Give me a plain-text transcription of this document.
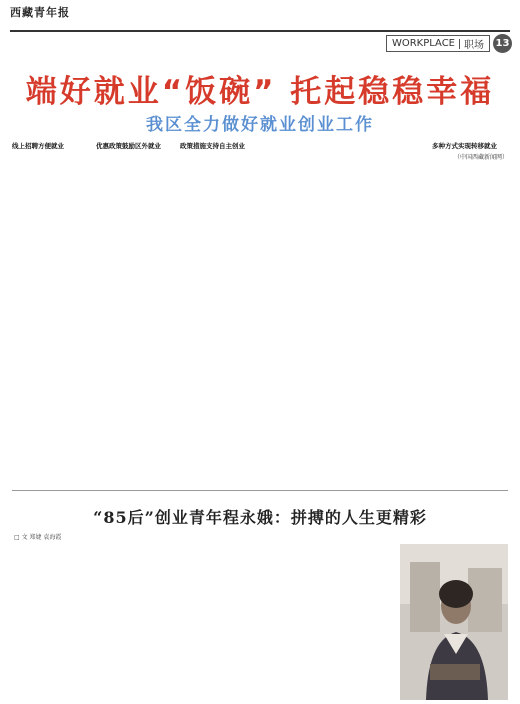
西藏青年报
WORKPLACE 职场 13
端好就业“饭碗” 托起稳稳幸福
我区全力做好就业创业工作

线上招聘方便就业	优惠政策鼓励区外就业	政策措施支持自主创业	多种方式实现转移就业

（中国西藏新闻网）
“85后”创业青年程永娥：拼搏的人生更精彩
□ 文 郑婕 袁海霞
